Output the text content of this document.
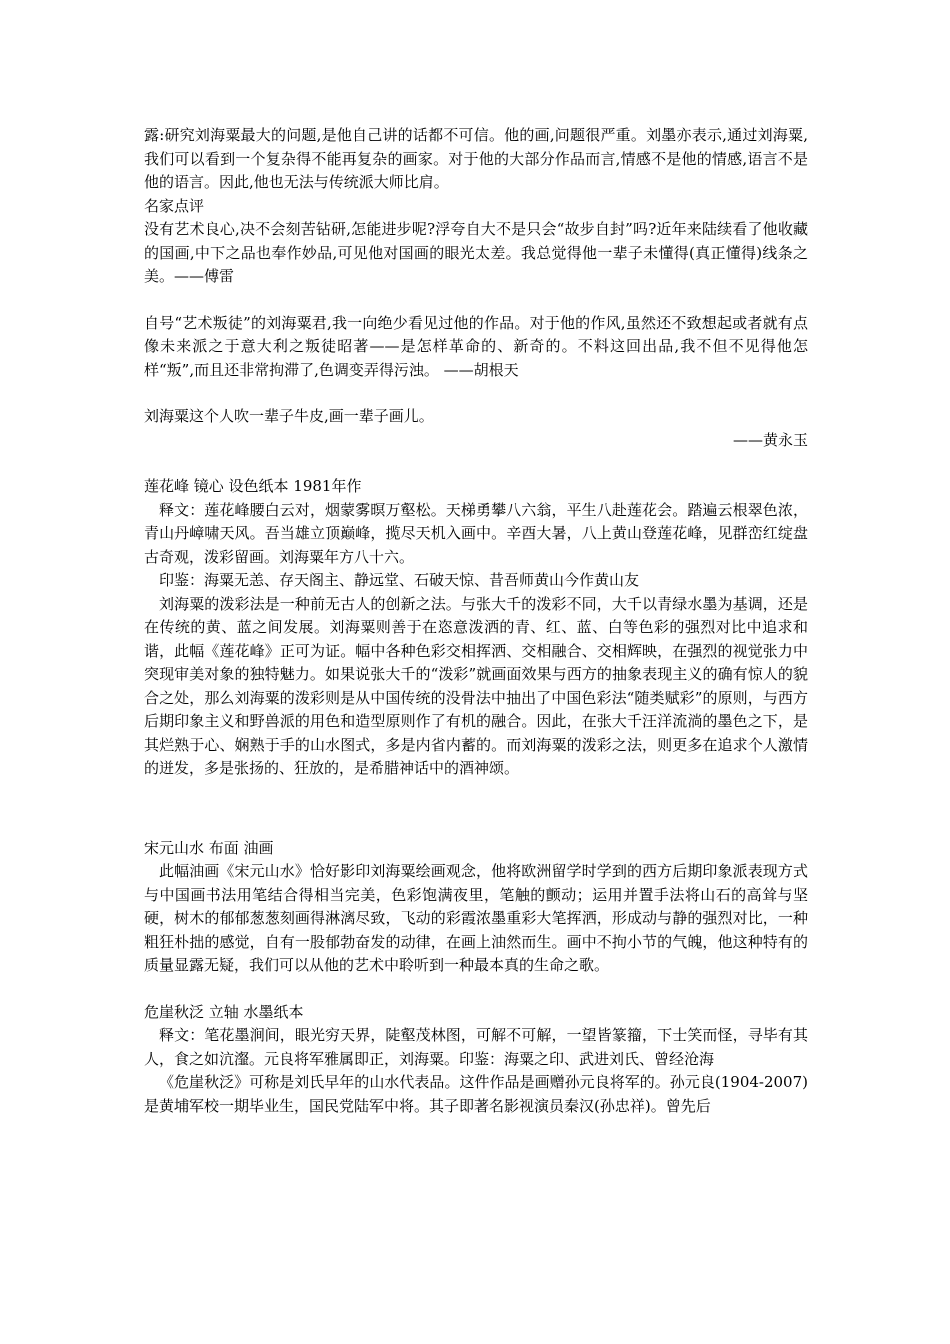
露:研究刘海粟最大的问题,是他自己讲的话都不可信。他的画,问题很严重。刘墨亦表示,通过刘海粟,我们可以看到一个复杂得不能再复杂的画家。对于他的大部分作品而言,情感不是他的情感,语言不是他的语言。因此,他也无法与传统派大师比肩。

名家点评

没有艺术良心,决不会刻苦钻研,怎能进步呢?浮夸自大不是只会“故步自封”吗?近年来陆续看了他收藏的国画,中下之品也奉作妙品,可见他对国画的眼光太差。我总觉得他一辈子未懂得(真正懂得)线条之美。——傅雷

自号“艺术叛徒”的刘海粟君,我一向绝少看见过他的作品。对于他的作风,虽然还不致想起或者就有点像未来派之于意大利之叛徒昭著——是怎样革命的、新奇的。不料这回出品,我不但不见得他怎样“叛”,而且还非常拘滞了,色调变弄得污浊。 ——胡根天

刘海粟这个人吹一辈子牛皮,画一辈子画儿。

——黄永玉

莲花峰 镜心 设色纸本 1981年作

释文：莲花峰腰白云对，烟蒙雾暝万壑松。天梯勇攀八六翁，平生八赴莲花会。踏遍云根翠色浓，青山丹嶂啸天风。吾当雄立顶巅峰，揽尽天机入画中。辛酉大暑，八上黄山登莲花峰，见群峦红绽盘古奇观，泼彩留画。刘海粟年方八十六。

印鉴：海粟无恙、存天阁主、静远堂、石破天惊、昔吾师黄山今作黄山友

刘海粟的泼彩法是一种前无古人的创新之法。与张大千的泼彩不同，大千以青绿水墨为基调，还是在传统的黄、蓝之间发展。刘海粟则善于在恣意泼洒的青、红、蓝、白等色彩的强烈对比中追求和谐，此幅《莲花峰》正可为证。幅中各种色彩交相挥洒、交相融合、交相辉映，在强烈的视觉张力中突现审美对象的独特魅力。如果说张大千的“泼彩”就画面效果与西方的抽象表现主义的确有惊人的貌合之处，那么刘海粟的泼彩则是从中国传统的没骨法中抽出了中国色彩法“随类赋彩”的原则，与西方后期印象主义和野兽派的用色和造型原则作了有机的融合。因此，在张大千汪洋流淌的墨色之下，是其烂熟于心、娴熟于手的山水图式，多是内省内蓄的。而刘海粟的泼彩之法，则更多在追求个人激情的迸发，多是张扬的、狂放的，是希腊神话中的酒神颂。

宋元山水 布面 油画

此幅油画《宋元山水》恰好影印刘海粟绘画观念，他将欧洲留学时学到的西方后期印象派表现方式与中国画书法用笔结合得相当完美，色彩饱满夜里，笔触的颤动；运用并置手法将山石的高耸与坚硬，树木的郁郁葱葱刻画得淋漓尽致，飞动的彩霞浓墨重彩大笔挥洒，形成动与静的强烈对比，一种粗狂朴拙的感觉，自有一股郁勃奋发的动律，在画上油然而生。画中不拘小节的气魄，他这种特有的质量显露无疑，我们可以从他的艺术中聆听到一种最本真的生命之歌。

危崖秋泛 立轴 水墨纸本

释文：笔花墨涧间，眼光穷天界，陡壑茂林图，可解不可解，一望皆篆籀，下士笑而怪，寻毕有其人，食之如沆瀣。元良将军雅属即正，刘海粟。印鉴：海粟之印、武进刘氏、曾经沧海

《危崖秋泛》可称是刘氏早年的山水代表品。这件作品是画赠孙元良将军的。孙元良(1904-2007)是黄埔军校一期毕业生，国民党陆军中将。其子即著名影视演员秦汉(孙忠祥)。曾先后
